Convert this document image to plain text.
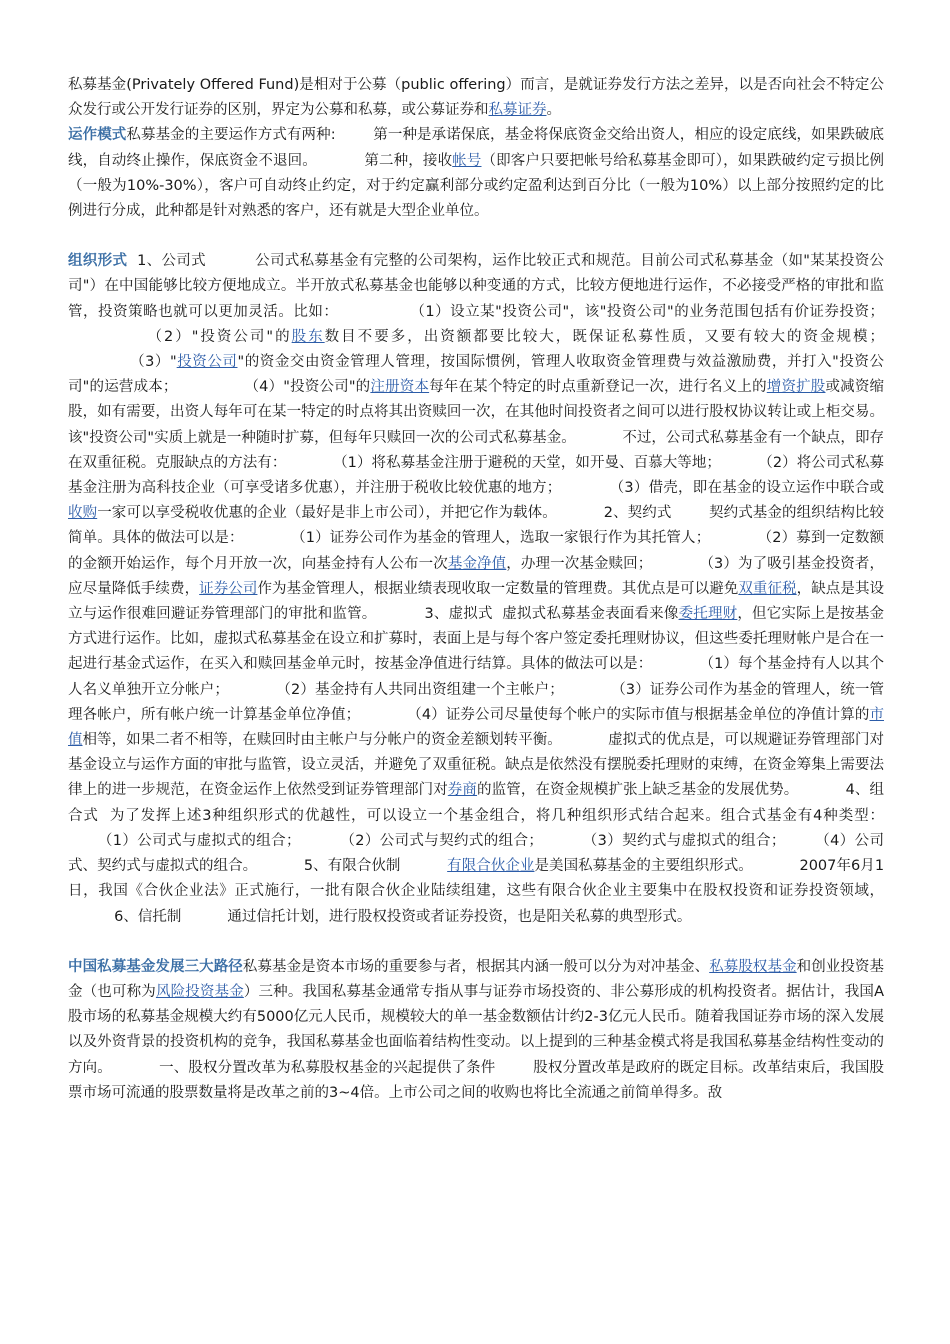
私募基金(Privately Offered Fund)是相对于公募（public offering）而言，是就证券发行方法之差异，以是否向社会不特定公众发行或公开发行证券的区别，界定为公募和私募，或公募证券和私募证券。

运作模式私募基金的主要运作方式有两种:	第一种是承诺保底，基金将保底资金交给出资人，相应的设定底线，如果跌破底线，自动终止操作，保底资金不退回。	第二种，接收帐号（即客户只要把帐号给私募基金即可），如果跌破约定亏损比例（一般为10%-30%），客户可自动终止约定，对于约定赢利部分或约定盈利达到百分比（一般为10%）以上部分按照约定的比例进行分成，此种都是针对熟悉的客户，还有就是大型企业单位。

组织形式  1、公司式	公司式私募基金有完整的公司架构，运作比较正式和规范。目前公司式私募基金（如"某某投资公司"）在中国能够比较方便地成立。半开放式私募基金也能够以种变通的方式，比较方便地进行运作，不必接受严格的审批和监管，投资策略也就可以更加灵活。比如：	（1）设立某"投资公司"，该"投资公司"的业务范围包括有价证券投资；            （2）"投资公司"的股东数目不要多，出资额都要比较大，既保证私募性质，又要有较大的资金规模；            （3）"投资公司"的资金交由资金管理人管理，按国际惯例，管理人收取资金管理费与效益激励费，并打入"投资公司"的运营成本；	（4）"投资公司"的注册资本每年在某个特定的时点重新登记一次，进行名义上的增资扩股或减资缩股，如有需要，出资人每年可在某一特定的时点将其出资赎回一次，在其他时间投资者之间可以进行股权协议转让或上柜交易。该"投资公司"实质上就是一种随时扩募，但每年只赎回一次的公司式私募基金。	不过，公司式私募基金有一个缺点，即存在双重征税。克服缺点的方法有：	（1）将私募基金注册于避税的天堂，如开曼、百慕大等地；	（2）将公司式私募基金注册为高科技企业（可享受诸多优惠），并注册于税收比较优惠的地方；	（3）借壳，即在基金的设立运作中联合或收购一家可以享受税收优惠的企业（最好是非上市公司），并把它作为载体。	2、契约式	契约式基金的组织结构比较简单。具体的做法可以是：	（1）证券公司作为基金的管理人，选取一家银行作为其托管人；	（2）募到一定数额的金额开始运作，每个月开放一次，向基金持有人公布一次基金净值，办理一次基金赎回；	（3）为了吸引基金投资者，应尽量降低手续费，证券公司作为基金管理人，根据业绩表现收取一定数量的管理费。其优点是可以避免双重征税，缺点是其设立与运作很难回避证券管理部门的审批和监管。	3、虚拟式 虚拟式私募基金表面看来像委托理财，但它实际上是按基金方式进行运作。比如，虚拟式私募基金在设立和扩募时，表面上是与每个客户签定委托理财协议，但这些委托理财帐户是合在一起进行基金式运作，在买入和赎回基金单元时，按基金净值进行结算。具体的做法可以是：	（1）每个基金持有人以其个人名义单独开立分帐户；	（2）基金持有人共同出资组建一个主帐户；	（3）证券公司作为基金的管理人，统一管理各帐户，所有帐户统一计算基金单位净值；	（4）证券公司尽量使每个帐户的实际市值与根据基金单位的净值计算的市值相等，如果二者不相等，在赎回时由主帐户与分帐户的资金差额划转平衡。	虚拟式的优点是，可以规避证券管理部门对基金设立与运作方面的审批与监管，设立灵活，并避免了双重征税。缺点是依然没有摆脱委托理财的束缚，在资金筹集上需要法律上的进一步规范，在资金运作上依然受到证券管理部门对券商的监管，在资金规模扩张上缺乏基金的发展优势。	4、组合式 为了发挥上述3种组织形式的优越性，可以设立一个基金组合，将几种组织形式结合起来。组合式基金有4种类型：      （1）公司式与虚拟式的组合；	（2）公司式与契约式的组合；	（3）契约式与虚拟式的组合； （4）公司式、契约式与虚拟式的组合。	5、有限合伙制	有限合伙企业是美国私募基金的主要组织形式。	2007年6月1日，我国《合伙企业法》正式施行，一批有限合伙企业陆续组建，这些有限合伙企业主要集中在股权投资和证券投资领域，          6、信托制	通过信托计划，进行股权投资或者证券投资，也是阳关私募的典型形式。

中国私募基金发展三大路径私募基金是资本市场的重要参与者，根据其内涵一般可以分为对冲基金、私募股权基金和创业投资基金（也可称为风险投资基金）三种。我国私募基金通常专指从事与证券市场投资的、非公募形成的机构投资者。据估计，我国A股市场的私募基金规模大约有5000亿元人民币，规模较大的单一基金数额估计约2-3亿元人民币。随着我国证券市场的深入发展以及外资背景的投资机构的竞争，我国私募基金也面临着结构性变动。以上提到的三种基金模式将是我国私募基金结构性变动的方向。	一、股权分置改革为私募股权基金的兴起提供了条件	股权分置改革是政府的既定目标。改革结束后，我国股票市场可流通的股票数量将是改革之前的3~4倍。上市公司之间的收购也将比全流通之前简单得多。敌
